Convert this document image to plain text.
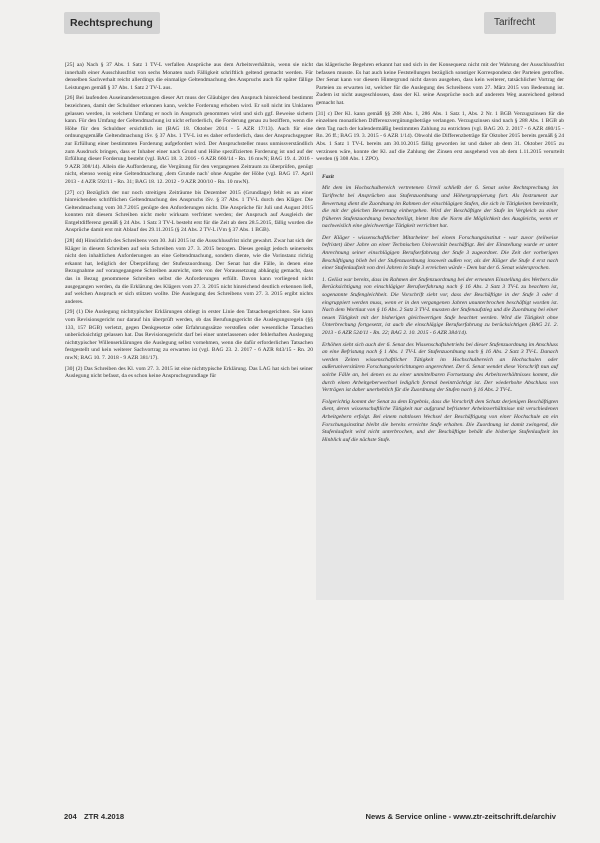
Rechtsprechung	Tarifrecht

[25] aa) Nach § 37 Abs. 1 Satz 1 TV-L verfallen Ansprüche aus dem Arbeitsverhältnis, wenn sie nicht innerhalb einer Ausschlussfrist von sechs Monaten nach Fälligkeit schriftlich geltend gemacht werden. Für denselben Sachverhalt reicht allerdings die einmalige Geltendmachung des Anspruchs auch für später fällige Leistungen gemäß § 37 Abs. 1 Satz 2 TV-L aus.

[26] Bei laufenden Auseinandersetzungen dieser Art muss der Gläubiger den Anspruch hinreichend bestimmt bezeichnen, damit der Schuldner erkennen kann, welche Forderung erhoben wird. Er soll nicht im Unklaren gelassen werden, in welchem Umfang er noch in Anspruch genommen wird und sich ggf. Beweise sichern kann. Für den Umfang der Geltendmachung ist nicht erforderlich, die Forderung genau zu beziffern, wenn die Höhe für den Schuldner ersichtlich ist (BAG 18. Oktober 2014 - 5 AZR 17/13). Auch für eine ordnungsgemäße Geltendmachung iSv. § 37 Abs. 1 TV-L ist es daher erforderlich, dass der Anspruchsgegner zur Erfüllung einer bestimmten Forderung aufgefordert wird. Der Anspruchsteller muss unmissverständlich zum Ausdruck bringen, dass er Inhaber einer nach Grund und Höhe spezifizierten Forderung ist und auf der Erfüllung dieser Forderung besteht (vgl. BAG 18. 3. 2016 - 6 AZR 660/14 - Rn. 16 mwN; BAG 19. 4. 2016 - 9 AZR 308/14). Allein die Aufforderung, die Vergütung für den vergangenen Zeitraum zu überprüfen, genügt nicht, ebenso wenig eine Geltendmachung ‚dem Grunde nach' ohne Angabe der Höhe (vgl. BAG 17. April 2013 - 4 AZR 592/11 - Rn. 31; BAG 18. 12. 2012 - 9 AZR 200/10 - Rn. 10 mwN).

[27] cc) Bezüglich der nur noch streitigen Zeiträume bis Dezember 2015 (Grundlage) fehlt es an einer hinreichenden schriftlichen Geltendmachung des Anspruchs iSv. § 37 Abs. 1 TV-L durch den Kläger. Die Geltendmachung vom 30.7.2015 genügte den Anforderungen nicht. Die Ansprüche für Juli und August 2015 konnten mit diesem Schreiben nicht mehr wirksam verfristet werden; der Anspruch auf Ausgleich der Entgeltdifferenz gemäß § 24 Abs. 1 Satz 3 TV-L besteht erst für die Zeit ab dem 28.5.2015, fällig wurden die Ansprüche damit erst mit Ablauf des 29.11.2015 (§ 24 Abs. 2 TV-L iVm § 37 Abs. 1 BGB).

[28] dd) Hinsichtlich des Schreibens vom 30. Juli 2015 ist die Ausschlussfrist nicht gewahrt. Zwar hat sich der Kläger in diesem Schreiben auf sein Schreiben vom 27. 3. 2015 bezogen. Dieses genügt jedoch seinerseits nicht den inhaltlichen Anforderungen an eine Geltendmachung, sondern diente, wie die Vorinstanz richtig erkannt hat, lediglich der Überprüfung der Stufenzuordnung. Der Senat hat die Fälle, in denen eine Bezugnahme auf vorangegangene Schreiben ausreicht, stets von der Voraussetzung abhängig gemacht, dass das in Bezug genommene Schreiben selbst die Anforderungen erfüllt. Davon kann vorliegend nicht ausgegangen werden, da die Erklärung des Klägers vom 27. 3. 2015 nicht hinreichend deutlich erkennen ließ, auf welchen Anspruch er sich stützen wollte. Die Auslegung des Schreibens vom 27. 3. 2015 ergibt nichts anderes.

[29] (1) Die Auslegung nichttypischer Erklärungen obliegt in erster Linie den Tatsachengerichten. Sie kann vom Revisionsgericht nur darauf hin überprüft werden, ob das Berufungsgericht die Auslegungsregeln (§§ 133, 157 BGB) verletzt, gegen Denkgesetze oder Erfahrungssätze verstoßen oder wesentliche Tatsachen unberücksichtigt gelassen hat. Das Revisionsgericht darf bei einer unterlassenen oder fehlerhaften Auslegung nichttypischer Willenserklärungen die Auslegung selbst vornehmen, wenn die dafür erforderlichen Tatsachen festgestellt und kein weiterer Sachvortrag zu erwarten ist (vgl. BAG 23. 2. 2017 - 6 AZR 843/15 - Rn. 20 mwN; BAG 10. 7. 2018 - 9 AZR 381/17).

[30] (2) Das Schreiben des Kl. vom 27. 3. 2015 ist eine nichttypische Erklärung. Das LAG hat sich bei seiner Auslegung nicht befasst, da es schon keine Anspruchsgrundlage für

das klägerische Begehren erkannt hat und sich in der Konsequenz nicht mit der Wahrung der Ausschlussfrist befassen musste. Es hat auch keine Feststellungen bezüglich sonstiger Korrespondenz der Parteien getroffen. Der Senat kann vor diesem Hintergrund nicht davon ausgehen, dass kein weiterer, tatsächlicher Vortrag der Parteien zu erwarten ist, welcher für die Auslegung des Schreibens vom 27. März 2015 von Bedeutung ist. Zudem ist nicht ausgeschlossen, dass der Kl. seine Ansprüche noch auf anderem Weg ausreichend geltend gemacht hat.

[31] c) Der Kl. kann gemäß §§ 288 Abs. 1, 286 Abs. 1 Satz 1, Abs. 2 Nr. 1 BGB Verzugszinsen für die einzelnen monatlichen Differenzvergütungsbeträge verlangen. Verzugszinsen sind nach § 288 Abs. 1 BGB ab dem Tag nach der kalendermäßig bestimmten Zahlung zu entrichten (vgl. BAG 20. 2. 2017 - 6 AZR 480/15 - Rn. 26 ff.; BAG 19. 3. 2015 - 6 AZR 1/14). Obwohl die Differenzbeträge für Oktober 2015 bereits gemäß § 24 Abs. 1 Satz 1 TV-L bereits am 30.10.2015 fällig geworden ist und daher ab dem 31. Oktober 2015 zu verzinsen wäre, konnte der Kl. auf die Zahlung der Zinsen erst ausgehend von ab dem 1.11.2015 verurteilt werden (§ 308 Abs. 1 ZPO).

Fazit

Mit dem im Hochschulbereich vertretenen Urteil schließt der 6. Senat seine Rechtsprechung im Tarifrecht bei Ansprüchen aus Stufenzuordnung und Höhergruppierung fort. Als Instrument zur Bewertung dient die Zuordnung im Rahmen der einschlägigen Stufen, die sich in Tätigkeiten bereitstellt, die mit der gleichen Bewertung einhergehen. Wird der Beschäftigte der Stufe im Vergleich zu einer früheren Stufenzuordnung benachteiligt, bietet ihm die Norm die Möglichkeit des Ausgleichs, wenn er nachweislich eine gleichwertige Tätigkeit verrichtet hat.

Der Kläger - wissenschaftlicher Mitarbeiter bei einem Forschungsinstitut - war zuvor (teilweise befristet) über Jahre an einer Technischen Universität beschäftigt. Bei der Einstellung wurde er unter Anrechnung seiner einschlägigen Berufserfahrung der Stufe 3 zugeordnet. Die Zeit der vorherigen Beschäftigung blieb bei der Stufenzuordnung insoweit außen vor, als der Kläger die Stufe 4 erst nach einer Stufenlaufzeit von drei Jahren in Stufe 3 erreichen würde - Dem hat der 6. Senat widersprochen.

1. Gelöst war bereits, dass im Rahmen der Stufenzuordnung bei der erneuten Einstellung des Werbers die Berücksichtigung von einschlägiger Berufserfahrung nach § 16 Abs. 2 Satz 3 TV-L zu beachten ist, sogenannte Stufengleichheit. Die Vorschrift sieht vor, dass der Beschäftigte in der Stufe 3 oder 4 eingruppiert werden muss, wenn er in den vergangenen Jahren ununterbrochen beschäftigt worden ist. Nach dem Wortlaut von § 16 Abs. 2 Satz 3 TV-L mussten der Stufenaufstieg und die Zuordnung bei einer neuen Tätigkeit mit der bisherigen gleichwertigen Stufe beachtet werden. Wird die Tätigkeit ohne Unterbrechung fortgesetzt, ist auch die einschlägige Berufserfahrung zu berücksichtigen (BAG 21. 2. 2013 - 6 AZR 524/11 - Rn. 22; BAG 2. 10. 2015 - 6 AZR 384/14).

Erhöhen sieht sich auch der 6. Senat des Wissenschaftsbetriebs bei dieser Stufenzuordnung im Anschluss an eine Befristung nach § 1 Abs. 1 TV-L der Stufenzuordnung nach § 16 Abs. 2 Satz 3 TV-L. Danach werden Zeiten wissenschaftlicher Tätigkeit im Hochschulbereich an Hochschulen oder außeruniversitären Forschungseinrichtungen angerechnet. Der 6. Senat wendet diese Vorschrift nun auf solche Fälle an, bei denen es zu einer unmittelbaren Fortsetzung des Arbeitsverhältnisses kommt, die durch einen Arbeitgeberwechsel lediglich formal beeinträchtigt ist. Der wiederholte Abschluss von Verträgen ist daher unerheblich für die Zuordnung der Stufen nach § 16 Abs. 2 TV-L.

Folgerichtig kommt der Senat zu dem Ergebnis, dass die Vorschrift dem Schutz derjenigen Beschäftigten dient, deren wissenschaftliche Tätigkeit nur aufgrund befristeter Arbeitsverhältnisse mit verschiedenen Arbeitgebern erfolgt. Bei einem nahtlosen Wechsel der Beschäftigung von einer Hochschule an ein Forschungsinstitut bleibt die bereits erreichte Stufe erhalten. Die Zuordnung ist damit zwingend, die Stufenlaufzeit wird nicht unterbrochen, und der Beschäftigte behält die bisherige Stufenlaufzeit im Hinblick auf die nächste Stufe.

204 ZTR 4.2018	News & Service online - www.ztr-zeitschrift.de/archiv
